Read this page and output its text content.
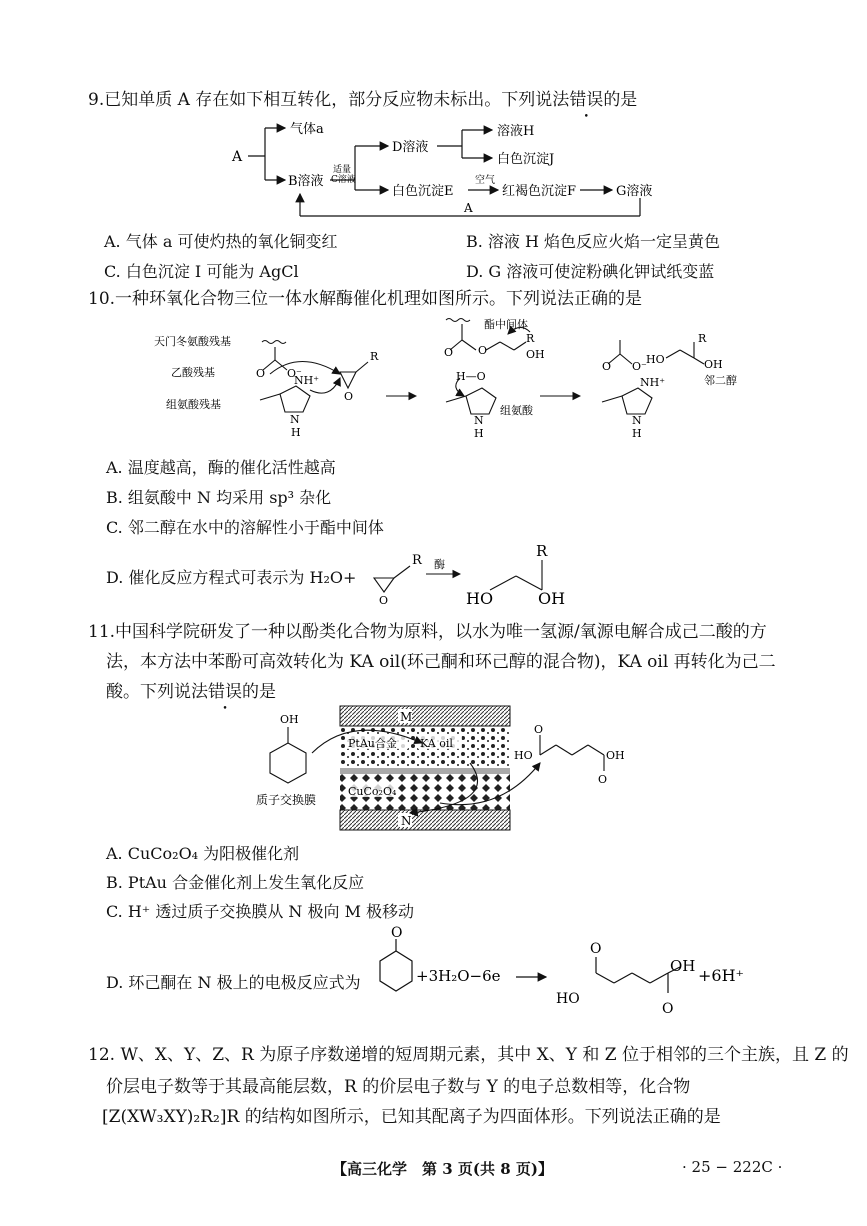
9.已知单质 A 存在如下相互转化，部分反应物未标出。下列说法错误的是
A
气体a
B溶液
适量
C溶液
D溶液
溶液H
白色沉淀J
白色沉淀E
空气
红褐色沉淀F	G溶液
A
A. 气体 a 可使灼热的氧化铜变红	B. 溶液 H 焰色反应火焰一定呈黄色
C. 白色沉淀 I 可能为 AgCl	D. G 溶液可使淀粉碘化钾试纸变蓝
10.一种环氧化合物三位一体水解酶催化机理如图所示。下列说法正确的是
天门冬氨酸残基
乙酸残基
组氨酸残基
O O⁻
NH⁺
N
H
O
R
酯中间体
O O
R
OH
H—O
N
H
组氨酸
O O⁻
HO
R
OH
邻二醇
NH⁺
N
H
A. 温度越高，酶的催化活性越高
B. 组氨酸中 N 均采用 sp³ 杂化
C. 邻二醇在水中的溶解性小于酯中间体
D. 催化反应方程式可表示为 H₂O+
O
R 酶
R
HO	OH
11.中国科学院研发了一种以酚类化合物为原料，以水为唯一氢源/氧源电解合成己二酸的方
法，本方法中苯酚可高效转化为 KA oil(环己酮和环己醇的混合物)，KA oil 再转化为己二
酸。下列说法错误的是
M
N
PtAu合金 KA oil
CuCo₂O₄
质子交换膜
OH
HO
O
OH
O
A. CuCo₂O₄ 为阳极催化剂
B. PtAu 合金催化剂上发生氧化反应
C. H⁺ 透过质子交换膜从 N 极向 M 极移动
D. 环己酮在 N 极上的电极反应式为
O
+3H₂O−6e
O
HO
OH
O
+6H⁺
12. W、X、Y、Z、R 为原子序数递增的短周期元素，其中 X、Y 和 Z 位于相邻的三个主族，且 Z 的
价层电子数等于其最高能层数，R 的价层电子数与 Y 的电子总数相等，化合物
[Z(XW₃XY)₂R₂]R 的结构如图所示，已知其配离子为四面体形。下列说法正确的是
【高三化学　第 3 页(共 8 页)】	· 25 − 222C ·
